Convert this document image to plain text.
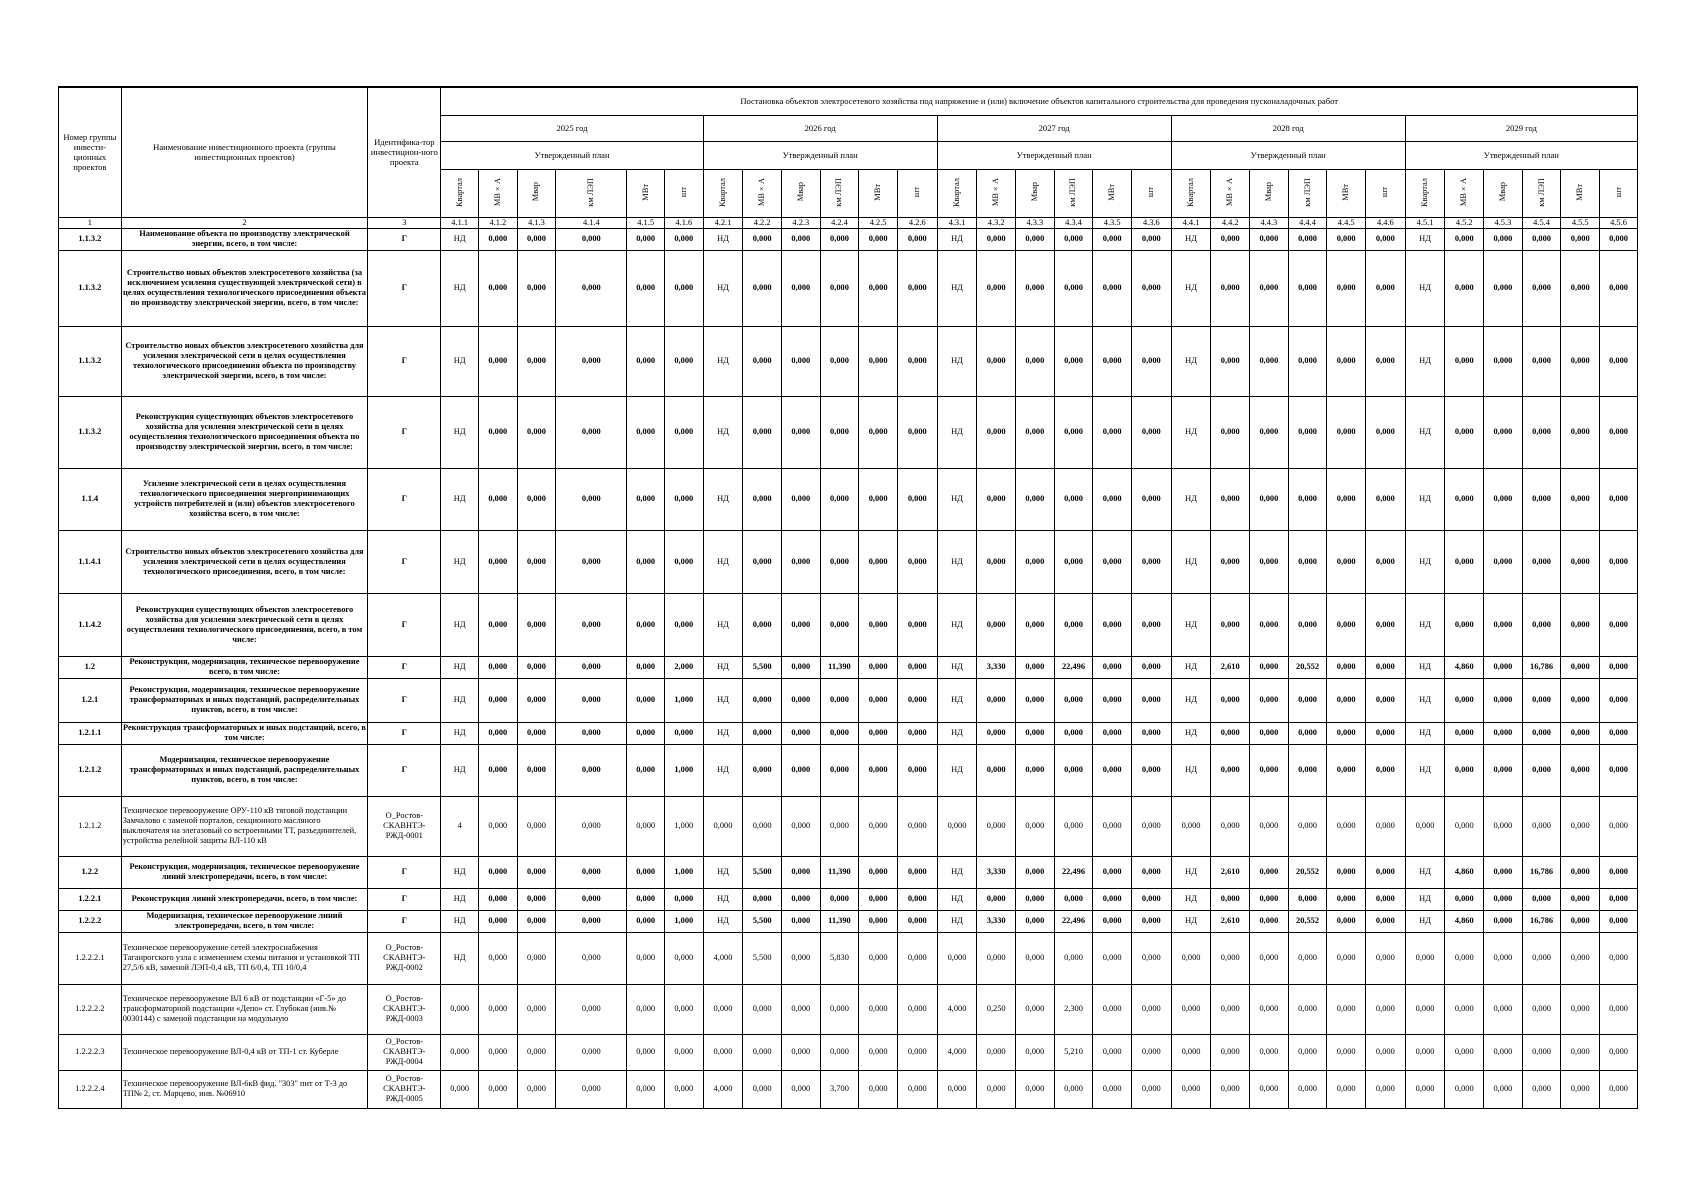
Номер группы инвести-ционных проектов	Наименование инвестиционного проекта (группы инвестиционных проектов)	Идентифика-тор инвестицион-ного проекта	Постановка объектов электросетевого хозяйства под напряжение и (или) включение объектов капитального строительства для проведения пусконаладочных работ																													
			2025 год						2026 год						2027 год						2028 год						2029 год					
			Утвержденный план						Утвержденный план						Утвержденный план						Утвержденный план						Утвержденный план					
			Квартал	МВ×А	Мвар	км ЛЭП	МВт	шт	Квартал	МВ×А	Мвар	км ЛЭП	МВт	шт	Квартал	МВ×А	Мвар	км ЛЭП	МВт	шт	Квартал	МВ×А	Мвар	км ЛЭП	МВт	шт	Квартал	МВ×А	Мвар	км ЛЭП	МВт	шт
1	2	3	4.1.1	4.1.2	4.1.3	4.1.4	4.1.5	4.1.6	4.2.1	4.2.2	4.2.3	4.2.4	4.2.5	4.2.6	4.3.1	4.3.2	4.3.3	4.3.4	4.3.5	4.3.6	4.4.1	4.4.2	4.4.3	4.4.4	4.4.5	4.4.6	4.5.1	4.5.2	4.5.3	4.5.4	4.5.5	4.5.6
1.1.3.2	Наименование объекта по производству электрической энергии, всего, в том числе:	Г	НД	0,000	0,000	0,000	0,000	0,000	НД	0,000	0,000	0,000	0,000	0,000	НД	0,000	0,000	0,000	0,000	0,000	НД	0,000	0,000	0,000	0,000	0,000	НД	0,000	0,000	0,000	0,000	0,000
1.1.3.2	Строительство новых объектов электросетевого хозяйства (за исключением усиления существующей электрической сети) в целях осуществления технологического присоединения объекта по производству электрической энергии, всего, в том числе:	Г	НД	0,000	0,000	0,000	0,000	0,000	НД	0,000	0,000	0,000	0,000	0,000	НД	0,000	0,000	0,000	0,000	0,000	НД	0,000	0,000	0,000	0,000	0,000	НД	0,000	0,000	0,000	0,000	0,000
1.1.3.2	Строительство новых объектов электросетевого хозяйства для усиления электрической сети в целях осуществления технологического присоединения объекта по производству электрической энергии, всего, в том числе:	Г	НД	0,000	0,000	0,000	0,000	0,000	НД	0,000	0,000	0,000	0,000	0,000	НД	0,000	0,000	0,000	0,000	0,000	НД	0,000	0,000	0,000	0,000	0,000	НД	0,000	0,000	0,000	0,000	0,000
1.1.3.2	Реконструкция существующих объектов электросетевого хозяйства для усиления электрической сети в целях осуществления технологического присоединения объекта по производству электрической энергии, всего, в том числе:	Г	НД	0,000	0,000	0,000	0,000	0,000	НД	0,000	0,000	0,000	0,000	0,000	НД	0,000	0,000	0,000	0,000	0,000	НД	0,000	0,000	0,000	0,000	0,000	НД	0,000	0,000	0,000	0,000	0,000
1.1.4	Усиление электрической сети в целях осуществления технологического присоединения энергопринимающих устройств потребителей и (или) объектов электросетевого хозяйства всего, в том числе:	Г	НД	0,000	0,000	0,000	0,000	0,000	НД	0,000	0,000	0,000	0,000	0,000	НД	0,000	0,000	0,000	0,000	0,000	НД	0,000	0,000	0,000	0,000	0,000	НД	0,000	0,000	0,000	0,000	0,000
1.1.4.1	Строительство новых объектов электросетевого хозяйства для усиления электрической сети в целях осуществления технологического присоединения, всего, в том числе:	Г	НД	0,000	0,000	0,000	0,000	0,000	НД	0,000	0,000	0,000	0,000	0,000	НД	0,000	0,000	0,000	0,000	0,000	НД	0,000	0,000	0,000	0,000	0,000	НД	0,000	0,000	0,000	0,000	0,000
1.1.4.2	Реконструкция существующих объектов электросетевого хозяйства для усиления электрической сети в целях осуществления технологического присоединения, всего, в том числе:	Г	НД	0,000	0,000	0,000	0,000	0,000	НД	0,000	0,000	0,000	0,000	0,000	НД	0,000	0,000	0,000	0,000	0,000	НД	0,000	0,000	0,000	0,000	0,000	НД	0,000	0,000	0,000	0,000	0,000
1.2	Реконструкция, модернизация, техническое перевооружение всего, в том числе:	Г	НД	0,000	0,000	0,000	0,000	2,000	НД	5,500	0,000	11,390	0,000	0,000	НД	3,330	0,000	22,496	0,000	0,000	НД	2,610	0,000	20,552	0,000	0,000	НД	4,860	0,000	16,786	0,000	0,000
1.2.1	Реконструкция, модернизация, техническое перевооружение трансформаторных и иных подстанций, распределительных пунктов, всего, в том числе:	Г	НД	0,000	0,000	0,000	0,000	1,000	НД	0,000	0,000	0,000	0,000	0,000	НД	0,000	0,000	0,000	0,000	0,000	НД	0,000	0,000	0,000	0,000	0,000	НД	0,000	0,000	0,000	0,000	0,000
1.2.1.1	Реконструкция трансформаторных и иных подстанций, всего, в том числе:	Г	НД	0,000	0,000	0,000	0,000	0,000	НД	0,000	0,000	0,000	0,000	0,000	НД	0,000	0,000	0,000	0,000	0,000	НД	0,000	0,000	0,000	0,000	0,000	НД	0,000	0,000	0,000	0,000	0,000
1.2.1.2	Модернизация, техническое перевооружение трансформаторных и иных подстанций, распределительных пунктов, всего, в том числе:	Г	НД	0,000	0,000	0,000	0,000	1,000	НД	0,000	0,000	0,000	0,000	0,000	НД	0,000	0,000	0,000	0,000	0,000	НД	0,000	0,000	0,000	0,000	0,000	НД	0,000	0,000	0,000	0,000	0,000
1.2.1.2	Техническое перевооружение ОРУ-110 кВ тяговой подстанции Замчалово с заменой порталов, секционного масляного выключателя на элегазовый со встроенными ТТ, разъединителей, устройства релейной защиты ВЛ-110 кВ	О_Ростов-СКАВНТЭ-РЖД-0001	4	0,000	0,000	0,000	0,000	1,000	0,000	0,000	0,000	0,000	0,000	0,000	0,000	0,000	0,000	0,000	0,000	0,000	0,000	0,000	0,000	0,000	0,000	0,000	0,000	0,000	0,000	0,000	0,000	0,000
1.2.2	Реконструкция, модернизация, техническое перевооружение линий электропередачи, всего, в том числе:	Г	НД	0,000	0,000	0,000	0,000	1,000	НД	5,500	0,000	11,390	0,000	0,000	НД	3,330	0,000	22,496	0,000	0,000	НД	2,610	0,000	20,552	0,000	0,000	НД	4,860	0,000	16,786	0,000	0,000
1.2.2.1	Реконструкция линий электропередачи, всего, в том числе:	Г	НД	0,000	0,000	0,000	0,000	0,000	НД	0,000	0,000	0,000	0,000	0,000	НД	0,000	0,000	0,000	0,000	0,000	НД	0,000	0,000	0,000	0,000	0,000	НД	0,000	0,000	0,000	0,000	0,000
1.2.2.2	Модернизация, техническое перевооружение линий электропередачи, всего, в том числе:	Г	НД	0,000	0,000	0,000	0,000	1,000	НД	5,500	0,000	11,390	0,000	0,000	НД	3,330	0,000	22,496	0,000	0,000	НД	2,610	0,000	20,552	0,000	0,000	НД	4,860	0,000	16,786	0,000	0,000
1.2.2.2.1	Техническое перевооружение сетей электроснабжения Таганрогского узла с изменением схемы питания и установкой ТП 27,5/6 кВ, заменой ЛЭП-0,4 кВ, ТП 6/0,4, ТП 10/0,4	О_Ростов-СКАВНТЭ-РЖД-0002	НД	0,000	0,000	0,000	0,000	0,000	4,000	5,500	0,000	5,830	0,000	0,000	0,000	0,000	0,000	0,000	0,000	0,000	0,000	0,000	0,000	0,000	0,000	0,000	0,000	0,000	0,000	0,000	0,000	0,000
1.2.2.2.2	Техническое перевооружение ВЛ 6 кВ от подстанции «Г-5» до трансформаторной подстанции «Депо» ст. Глубокая (инв.№ 0030144) с заменой подстанции на модульную	О_Ростов-СКАВНТЭ-РЖД-0003	0,000	0,000	0,000	0,000	0,000	0,000	0,000	0,000	0,000	0,000	0,000	0,000	4,000	0,250	0,000	2,300	0,000	0,000	0,000	0,000	0,000	0,000	0,000	0,000	0,000	0,000	0,000	0,000	0,000	0,000
1.2.2.2.3	Техническое перевооружение ВЛ-0,4 кВ от ТП-1 ст. Куберле	О_Ростов-СКАВНТЭ-РЖД-0004	0,000	0,000	0,000	0,000	0,000	0,000	0,000	0,000	0,000	0,000	0,000	0,000	4,000	0,000	0,000	5,210	0,000	0,000	0,000	0,000	0,000	0,000	0,000	0,000	0,000	0,000	0,000	0,000	0,000	0,000
1.2.2.2.4	Техническое перевооружение ВЛ-6кВ фид. "303" пит от Т-3 до ТП№ 2, ст. Марцево, инв. №06910	О_Ростов-СКАВНТЭ-РЖД-0005	0,000	0,000	0,000	0,000	0,000	0,000	4,000	0,000	0,000	3,700	0,000	0,000	0,000	0,000	0,000	0,000	0,000	0,000	0,000	0,000	0,000	0,000	0,000	0,000	0,000	0,000	0,000	0,000	0,000	0,000
